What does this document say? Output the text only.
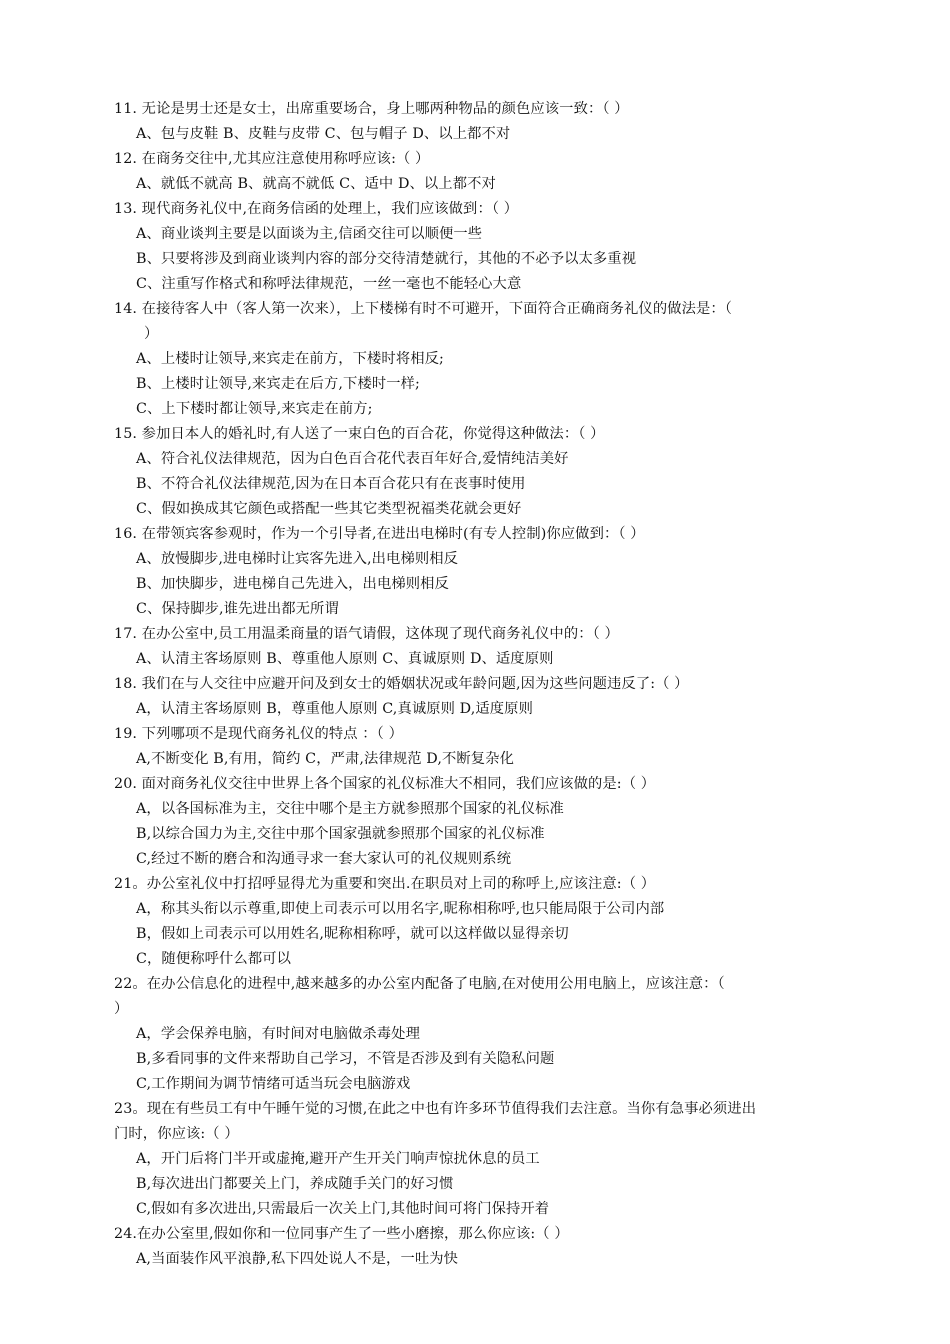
11. 无论是男士还是女士，出席重要场合，身上哪两种物品的颜色应该一致：（ ）
A、包与皮鞋 B、皮鞋与皮带 C、包与帽子 D、以上都不对
12. 在商务交往中,尤其应注意使用称呼应该:（ ）
A、就低不就高 B、就高不就低 C、适中 D、以上都不对
13. 现代商务礼仪中,在商务信函的处理上，我们应该做到：（ ）
A、商业谈判主要是以面谈为主,信函交往可以顺便一些
B、只要将涉及到商业谈判内容的部分交待清楚就行，其他的不必予以太多重视
C、注重写作格式和称呼法律规范，一丝一毫也不能轻心大意
14. 在接待客人中（客人第一次来），上下楼梯有时不可避开，下面符合正确商务礼仪的做法是：（
）
A、上楼时让领导,来宾走在前方，下楼时将相反;
B、上楼时让领导,来宾走在后方,下楼时一样;
C、上下楼时都让领导,来宾走在前方;
15. 参加日本人的婚礼时,有人送了一束白色的百合花，你觉得这种做法：（ ）
A、符合礼仪法律规范，因为白色百合花代表百年好合,爱情纯洁美好
B、不符合礼仪法律规范,因为在日本百合花只有在丧事时使用
C、假如换成其它颜色或搭配一些其它类型祝福类花就会更好
16. 在带领宾客参观时，作为一个引导者,在进出电梯时(有专人控制)你应做到：（ ）
A、放慢脚步,进电梯时让宾客先进入,出电梯则相反
B、加快脚步，进电梯自己先进入，出电梯则相反
C、保持脚步,谁先进出都无所谓
17. 在办公室中,员工用温柔商量的语气请假，这体现了现代商务礼仪中的：（ ）
A、认清主客场原则 B、尊重他人原则 C、真诚原则 D、适度原则
18. 我们在与人交往中应避开问及到女士的婚姻状况或年龄问题,因为这些问题违反了:（ ）
A，认清主客场原则 B，尊重他人原则 C,真诚原则 D,适度原则
19. 下列哪项不是现代商务礼仪的特点 ：（ ）
A,不断变化 B,有用，简约 C，严肃,法律规范 D,不断复杂化
20. 面对商务礼仪交往中世界上各个国家的礼仪标准大不相同，我们应该做的是:（ ）
A，以各国标准为主，交往中哪个是主方就参照那个国家的礼仪标准
B,以综合国力为主,交往中那个国家强就参照那个国家的礼仪标准
C,经过不断的磨合和沟通寻求一套大家认可的礼仪规则系统
21。办公室礼仪中打招呼显得尤为重要和突出.在职员对上司的称呼上,应该注意:（ ）
A，称其头衔以示尊重,即使上司表示可以用名字,昵称相称呼,也只能局限于公司内部
B，假如上司表示可以用姓名,昵称相称呼，就可以这样做以显得亲切
C，随便称呼什么都可以
22。在办公信息化的进程中,越来越多的办公室内配备了电脑,在对使用公用电脑上，应该注意：（
）
A，学会保养电脑，有时间对电脑做杀毒处理
B,多看同事的文件来帮助自己学习，不管是否涉及到有关隐私问题
C,工作期间为调节情绪可适当玩会电脑游戏
23。现在有些员工有中午睡午觉的习惯,在此之中也有许多环节值得我们去注意。当你有急事必须进出
门时，你应该:（ ）
A，开门后将门半开或虚掩,避开产生开关门响声惊扰休息的员工
B,每次进出门都要关上门，养成随手关门的好习惯
C,假如有多次进出,只需最后一次关上门,其他时间可将门保持开着
24.在办公室里,假如你和一位同事产生了一些小磨擦，那么你应该:（ ）
A,当面装作风平浪静,私下四处说人不是，一吐为快
